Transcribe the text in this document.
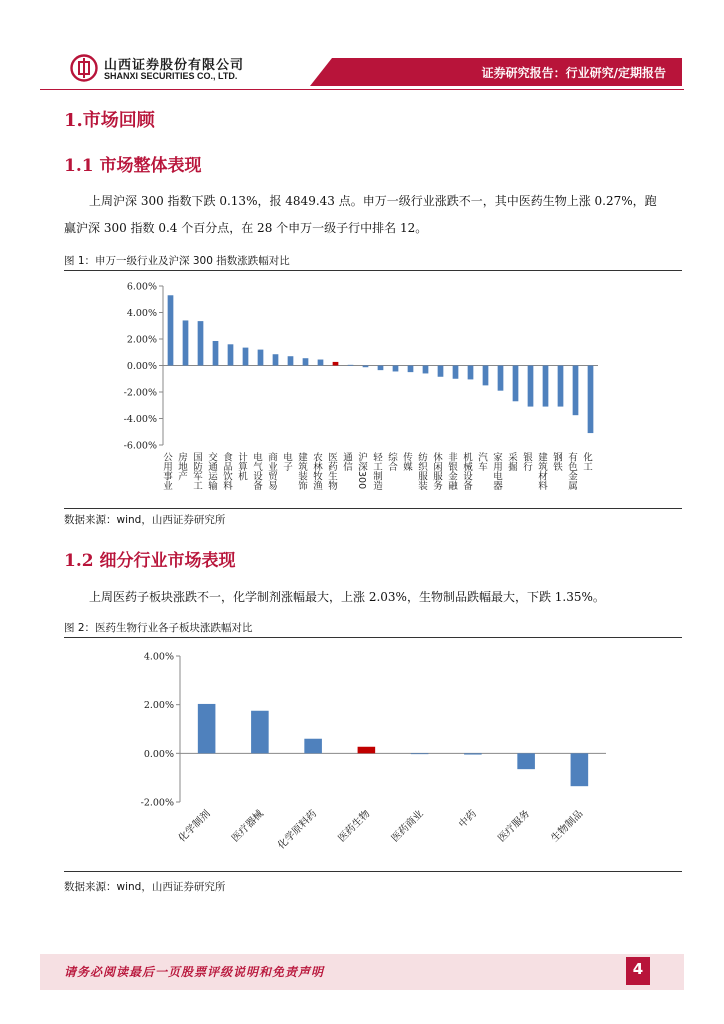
山西证券股份有限公司
SHANXI SECURITIES CO., LTD.	证券研究报告：行业研究/定期报告
1.市场回顾
1.1 市场整体表现
上周沪深 300 指数下跌 0.13%，报 4849.43 点。申万一级行业涨跌不一，其中医药生物上涨 0.27%，跑赢沪深 300 指数 0.4 个百分点，在 28 个申万一级子行中排名 12。
图 1：申万一级行业及沪深 300 指数涨跌幅对比
6.00%
4.00%
2.00%
0.00%
-2.00%
-4.00%
-6.00%
公用事业 房地产 国防军工 交通运输 食品饮料 计算机 电气设备 商业贸易 电子 建筑装饰 农林牧渔 医药生物 通信 沪深300 轻工制造 综合 传媒 纺织服装 休闲服务 非银金融 机械设备 汽车 家用电器 采掘 银行 建筑材料 钢铁 有色金属 化工
4.00%
2.00%
0.00%
-2.00%
化学制剂 医疗器械 化学原料药 医药生物 医药商业	中药 医疗服务 生物制品
数据来源：wind，山西证券研究所
1.2 细分行业市场表现
上周医药子板块涨跌不一，化学制剂涨幅最大，上涨 2.03%，生物制品跌幅最大，下跌 1.35%。
图 2：医药生物行业各子板块涨跌幅对比
数据来源：wind，山西证券研究所
请务必阅读最后一页股票评级说明和免责声明	4
